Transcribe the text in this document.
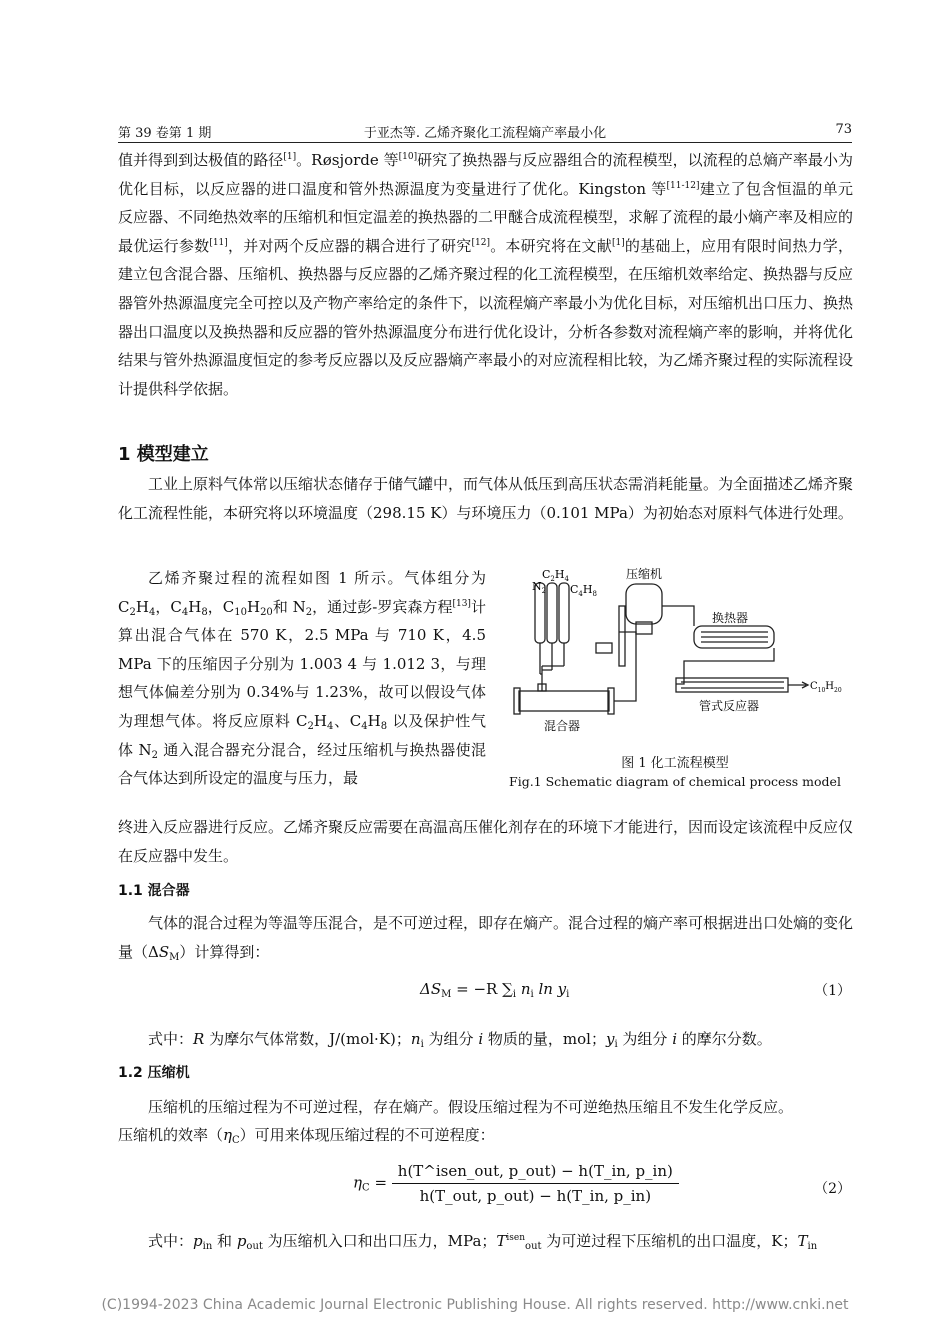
第 39 卷第 1 期	于亚杰等. 乙烯齐聚化工流程熵产率最小化	73

值并得到到达极值的路径[1]。Røsjorde 等[10]研究了换热器与反应器组合的流程模型，以流程的总熵产率最小为优化目标，以反应器的进口温度和管外热源温度为变量进行了优化。Kingston 等[11-12]建立了包含恒温的单元反应器、不同绝热效率的压缩机和恒定温差的换热器的二甲醚合成流程模型，求解了流程的最小熵产率及相应的最优运行参数[11]，并对两个反应器的耦合进行了研究[12]。本研究将在文献[1]的基础上，应用有限时间热力学，建立包含混合器、压缩机、换热器与反应器的乙烯齐聚过程的化工流程模型，在压缩机效率给定、换热器与反应器管外热源温度完全可控以及产物产率给定的条件下，以流程熵产率最小为优化目标，对压缩机出口压力、换热器出口温度以及换热器和反应器的管外热源温度分布进行优化设计，分析各参数对流程熵产率的影响，并将优化结果与管外热源温度恒定的参考反应器以及反应器熵产率最小的对应流程相比较，为乙烯齐聚过程的实际流程设计提供科学依据。

1 模型建立

工业上原料气体常以压缩状态储存于储气罐中，而气体从低压到高压状态需消耗能量。为全面描述乙烯齐聚化工流程性能，本研究将以环境温度（298.15 K）与环境压力（0.101 MPa）为初始态对原料气体进行处理。

乙烯齐聚过程的流程如图 1 所示。气体组分为 $C_2H_4$，$C_4H_8$，$C_{10}H_{20}$和 $N_2$，通过彭-罗宾森方程[13]计算出混合气体在 570 K，2.5 MPa 与 710 K，4.5 MPa 下的压缩因子分别为 1.003 4 与 1.012 3，与理想气体偏差分别为 0.34%与 1.23%，故可以假设气体为理想气体。将反应原料 $C_2H_4$、$C_4H_8$ 以及保护性气体 $N_2$ 通入混合器充分混合，经过压缩机与换热器使混合气体达到所设定的温度与压力，最

$N_2$
$C_2H_4$
$C_4H_8$
压缩机
换热器
混合器
管式反应器
$C_{10}H_{20}$
图 1 化工流程模型
Fig.1 Schematic diagram of chemical process model

终进入反应器进行反应。乙烯齐聚反应需要在高温高压催化剂存在的环境下才能进行，因而设定该流程中反应仅在反应器中发生。

1.1 混合器

气体的混合过程为等温等压混合，是不可逆过程，即存在熵产。混合过程的熵产率可根据进出口处熵的变化量$(\Delta S_M)$计算得到：

$\Delta S_M = -R$ $\sum_i$ $n_i$ $\ln y_i$	（1）

式中：R 为摩尔气体常数，J/(mol·K)；$n_i$ 为组分 i 物质的量，mol；$y_i$ 为组分 i 的摩尔分数。

1.2 压缩机

压缩机的压缩过程为不可逆过程，存在熵产。假设压缩过程为不可逆绝热压缩且不发生化学反应。

压缩机的效率$(\eta_C)$可用来体现压缩过程的不可逆程度：

$\eta_C = \frac{\text{h(T\textasciicircum{}isen\_out, p\_out) − h(T\_in, p\_in)}}{\text{h(T\_out, p\_out) − h(T\_in, p\_in)}}$	（2）

式中：$p_{in}$ 和 $p_{out}$ 为压缩机入口和出口压力，MPa；$T^{isen}_{out}$ 为可逆过程下压缩机的出口温度，K；$T_{in}$

(C)1994-2023 China Academic Journal Electronic Publishing House. All rights reserved. http://www.cnki.net
